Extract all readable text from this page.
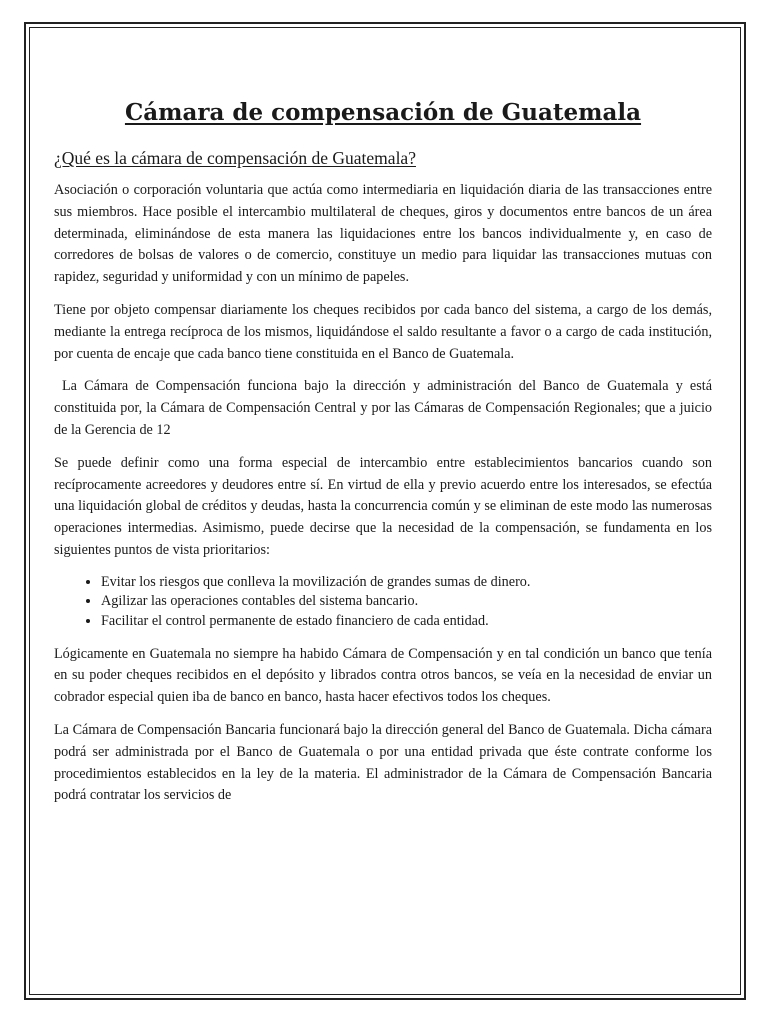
Cámara de compensación de Guatemala
¿Qué es la cámara de compensación de Guatemala?

Asociación o corporación voluntaria que actúa como intermediaria en liquidación diaria de las transacciones entre sus miembros. Hace posible el intercambio multilateral de cheques, giros y documentos entre bancos de un área determinada, eliminándose de esta manera las liquidaciones entre los bancos individualmente y, en caso de corredores de bolsas de valores o de comercio, constituye un medio para liquidar las transacciones mutuas con rapidez, seguridad y uniformidad y con un mínimo de papeles.

Tiene por objeto compensar diariamente los cheques recibidos por cada banco del sistema, a cargo de los demás, mediante la entrega recíproca de los mismos, liquidándose el saldo resultante a favor o a cargo de cada institución, por cuenta de encaje que cada banco tiene constituida en el Banco de Guatemala.

La Cámara de Compensación funciona bajo la dirección y administración del Banco de Guatemala y está constituida por, la Cámara de Compensación Central y por las Cámaras de Compensación Regionales; que a juicio de la Gerencia de 12

Se puede definir como una forma especial de intercambio entre establecimientos bancarios cuando son recíprocamente acreedores y deudores entre sí. En virtud de ella y previo acuerdo entre los interesados, se efectúa una liquidación global de créditos y deudas, hasta la concurrencia común y se eliminan de este modo las numerosas operaciones intermedias. Asimismo, puede decirse que la necesidad de la compensación, se fundamenta en los siguientes puntos de vista prioritarios:

• Evitar los riesgos que conlleva la movilización de grandes sumas de dinero.
• Agilizar las operaciones contables del sistema bancario.
• Facilitar el control permanente de estado financiero de cada entidad.

Lógicamente en Guatemala no siempre ha habido Cámara de Compensación y en tal condición un banco que tenía en su poder cheques recibidos en el depósito y librados contra otros bancos, se veía en la necesidad de enviar un cobrador especial quien iba de banco en banco, hasta hacer efectivos todos los cheques.

La Cámara de Compensación Bancaria funcionará bajo la dirección general del Banco de Guatemala. Dicha cámara podrá ser administrada por el Banco de Guatemala o por una entidad privada que éste contrate conforme los procedimientos establecidos en la ley de la materia. El administrador de la Cámara de Compensación Bancaria podrá contratar los servicios de
